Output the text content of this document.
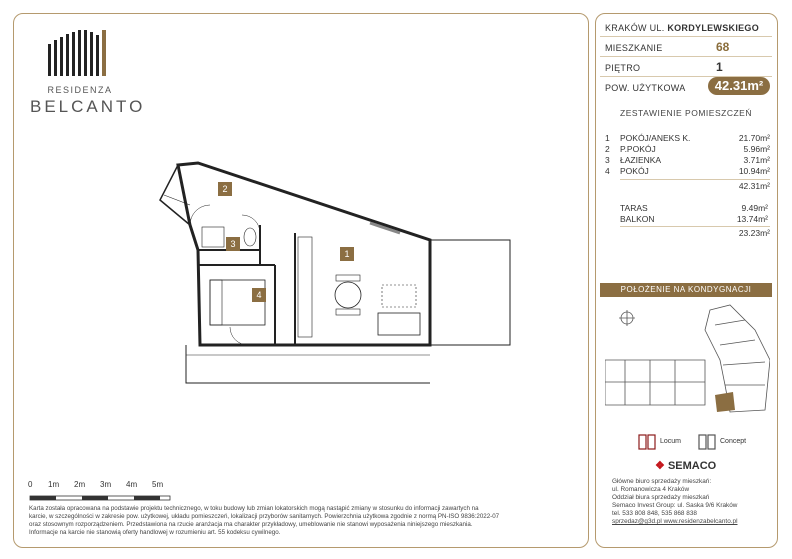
RESIDENZA
BELCANTO
1
2
3
4
0 1m 2m 3m 4m 5m
Karta została opracowana na podstawie projektu technicznego, w toku budowy lub zmian lokatorskich mogą nastąpić zmiany w stosunku do informacji zawartych na
karcie, w szczególności w zakresie pow. użytkowej, układu pomieszczeń, lokalizacji przyborów sanitarnych. Powierzchnia użytkowa zgodnie z normą PN-ISO 9836:2022-07
oraz stosownym rozporządzeniem. Przedstawiona na rzucie aranżacja ma charakter przykładowy, umeblowanie nie stanowi wyposażenia niniejszego mieszkania.
Informacje na karcie nie stanowią oferty handlowej w rozumieniu art. 55 kodeksu cywilnego.
KRAKÓW UL. KORDYLEWSKIEGO
MIESZKANIE	68
PIĘTRO	1
POW. UŻYTKOWA	42.31m²
ZESTAWIENIE POMIESZCZEŃ
1 POKÓJ/ANEKS K.	21.70m²
2 P.POKÓJ	5.96m²
3 ŁAZIENKA	3.71m²
4 POKÓJ	10.94m²
42.31m²
TARAS	9.49m²
BALKON	13.74m²
23.23m²
POŁOŻENIE NA KONDYGNACJI
Locum	Concept
❖ SEMACO
Główne biuro sprzedaży mieszkań:
ul. Romanowicza 4 Kraków
Oddział biura sprzedaży mieszkań
Semaco Invest Group: ul. Saska 9/6 Kraków
tel. 533 808 848, 535 868 838
sprzedaz@g3d.pl www.residenzabelcanto.pl
